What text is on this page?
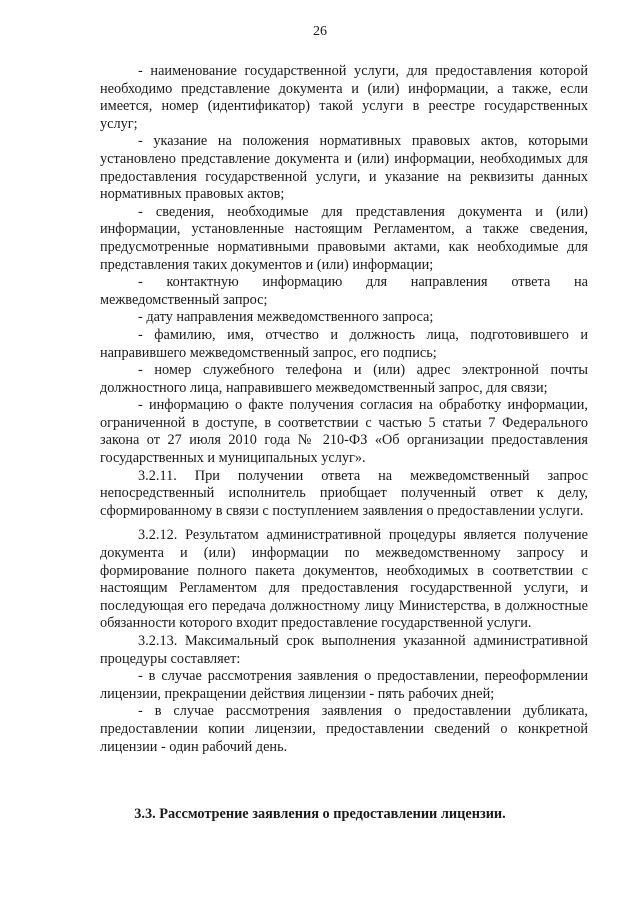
26

- наименование государственной услуги, для предоставления которой необходимо представление документа и (или) информации, а также, если имеется, номер (идентификатор) такой услуги в реестре государственных услуг;

- указание на положения нормативных правовых актов, которыми установлено представление документа и (или) информации, необходимых для предоставления государственной услуги, и указание на реквизиты данных нормативных правовых актов;

- сведения, необходимые для представления документа и (или) информации, установленные настоящим Регламентом, а также сведения, предусмотренные нормативными правовыми актами, как необходимые для представления таких документов и (или) информации;

- контактную информацию для направления ответа на межведомственный запрос;

- дату направления межведомственного запроса;

- фамилию, имя, отчество и должность лица, подготовившего и направившего межведомственный запрос, его подпись;

- номер служебного телефона и (или) адрес электронной почты должностного лица, направившего межведомственный запрос, для связи;

- информацию о факте получения согласия на обработку информации, ограниченной в доступе, в соответствии с частью 5 статьи 7 Федерального закона от 27 июля 2010 года № 210-ФЗ «Об организации предоставления государственных и муниципальных услуг».

3.2.11. При получении ответа на межведомственный запрос непосредственный исполнитель приобщает полученный ответ к делу, сформированному в связи с поступлением заявления о предоставлении услуги.

3.2.12. Результатом административной процедуры является получение документа и (или) информации по межведомственному запросу и формирование полного пакета документов, необходимых в соответствии с настоящим Регламентом для предоставления государственной услуги, и последующая его передача должностному лицу Министерства, в должностные обязанности которого входит предоставление государственной услуги.

3.2.13. Максимальный срок выполнения указанной административной процедуры составляет:

- в случае рассмотрения заявления о предоставлении, переоформлении лицензии, прекращении действия лицензии - пять рабочих дней;

- в случае рассмотрения заявления о предоставлении дубликата, предоставлении копии лицензии, предоставлении сведений о конкретной лицензии - один рабочий день.

3.3. Рассмотрение заявления о предоставлении лицензии.
